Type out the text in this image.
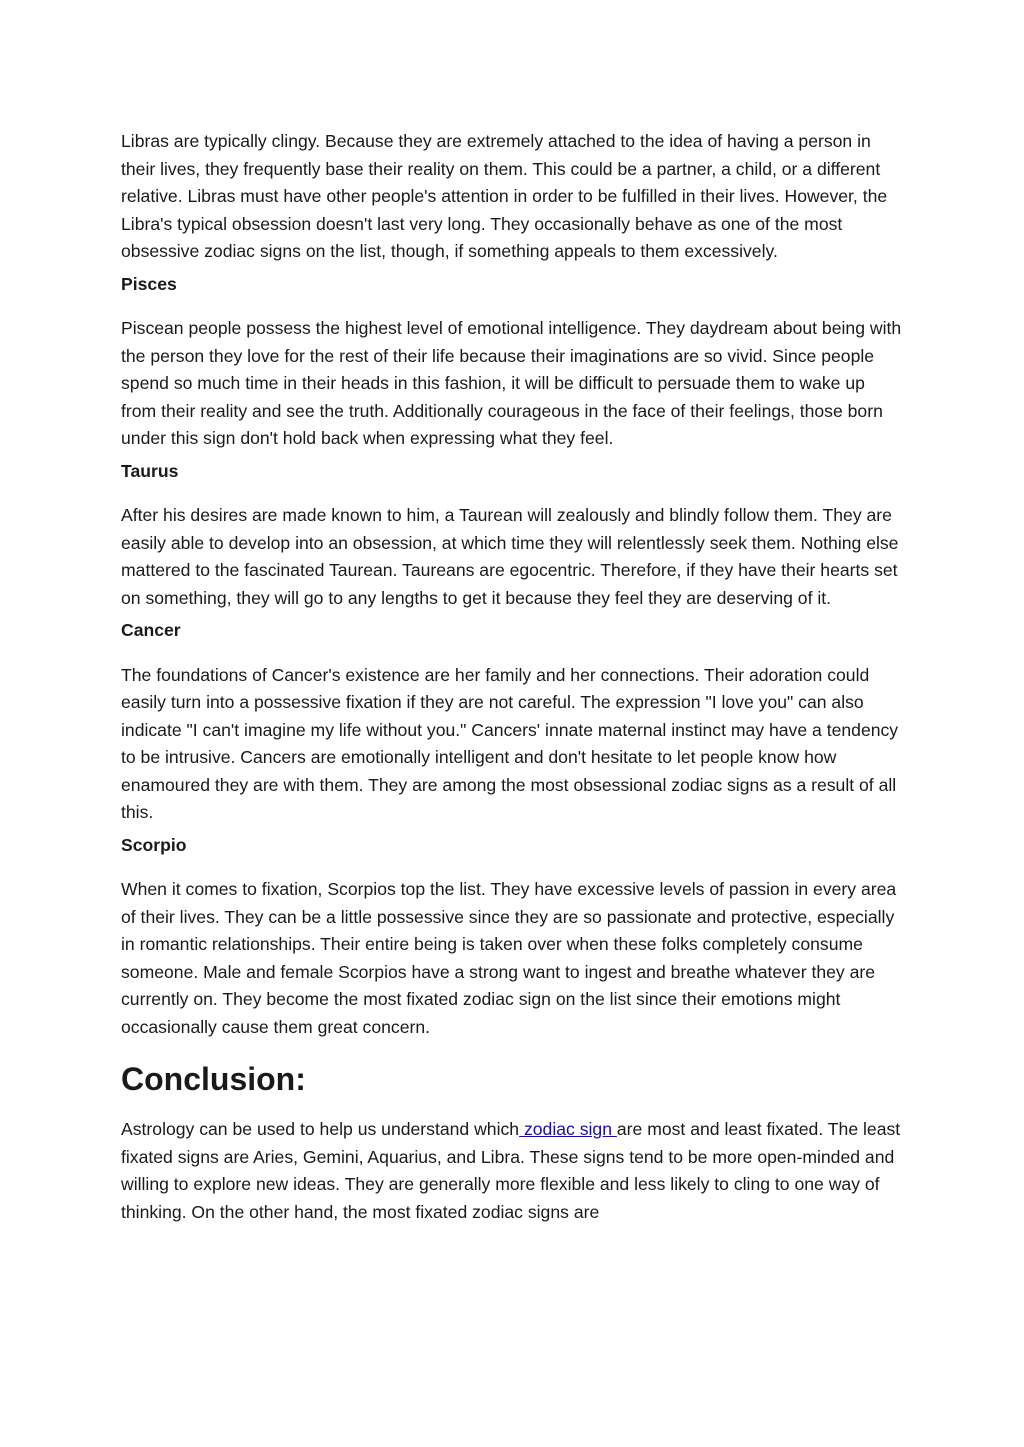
Libras are typically clingy. Because they are extremely attached to the idea of having a person in their lives, they frequently base their reality on them. This could be a partner, a child, or a different relative. Libras must have other people's attention in order to be fulfilled in their lives. However, the Libra's typical obsession doesn't last very long. They occasionally behave as one of the most obsessive zodiac signs on the list, though, if something appeals to them excessively.

Pisces

Piscean people possess the highest level of emotional intelligence. They daydream about being with the person they love for the rest of their life because their imaginations are so vivid. Since people spend so much time in their heads in this fashion, it will be difficult to persuade them to wake up from their reality and see the truth. Additionally courageous in the face of their feelings, those born under this sign don't hold back when expressing what they feel.

Taurus

After his desires are made known to him, a Taurean will zealously and blindly follow them. They are easily able to develop into an obsession, at which time they will relentlessly seek them. Nothing else mattered to the fascinated Taurean. Taureans are egocentric. Therefore, if they have their hearts set on something, they will go to any lengths to get it because they feel they are deserving of it.

Cancer

The foundations of Cancer's existence are her family and her connections. Their adoration could easily turn into a possessive fixation if they are not careful. The expression "I love you" can also indicate "I can't imagine my life without you." Cancers' innate maternal instinct may have a tendency to be intrusive. Cancers are emotionally intelligent and don't hesitate to let people know how enamoured they are with them. They are among the most obsessional zodiac signs as a result of all this.

Scorpio

When it comes to fixation, Scorpios top the list. They have excessive levels of passion in every area of their lives. They can be a little possessive since they are so passionate and protective, especially in romantic relationships. Their entire being is taken over when these folks completely consume someone. Male and female Scorpios have a strong want to ingest and breathe whatever they are currently on. They become the most fixated zodiac sign on the list since their emotions might occasionally cause them great concern.

Conclusion:

Astrology can be used to help us understand which zodiac sign are most and least fixated. The least fixated signs are Aries, Gemini, Aquarius, and Libra. These signs tend to be more open-minded and willing to explore new ideas. They are generally more flexible and less likely to cling to one way of thinking. On the other hand, the most fixated zodiac signs are
